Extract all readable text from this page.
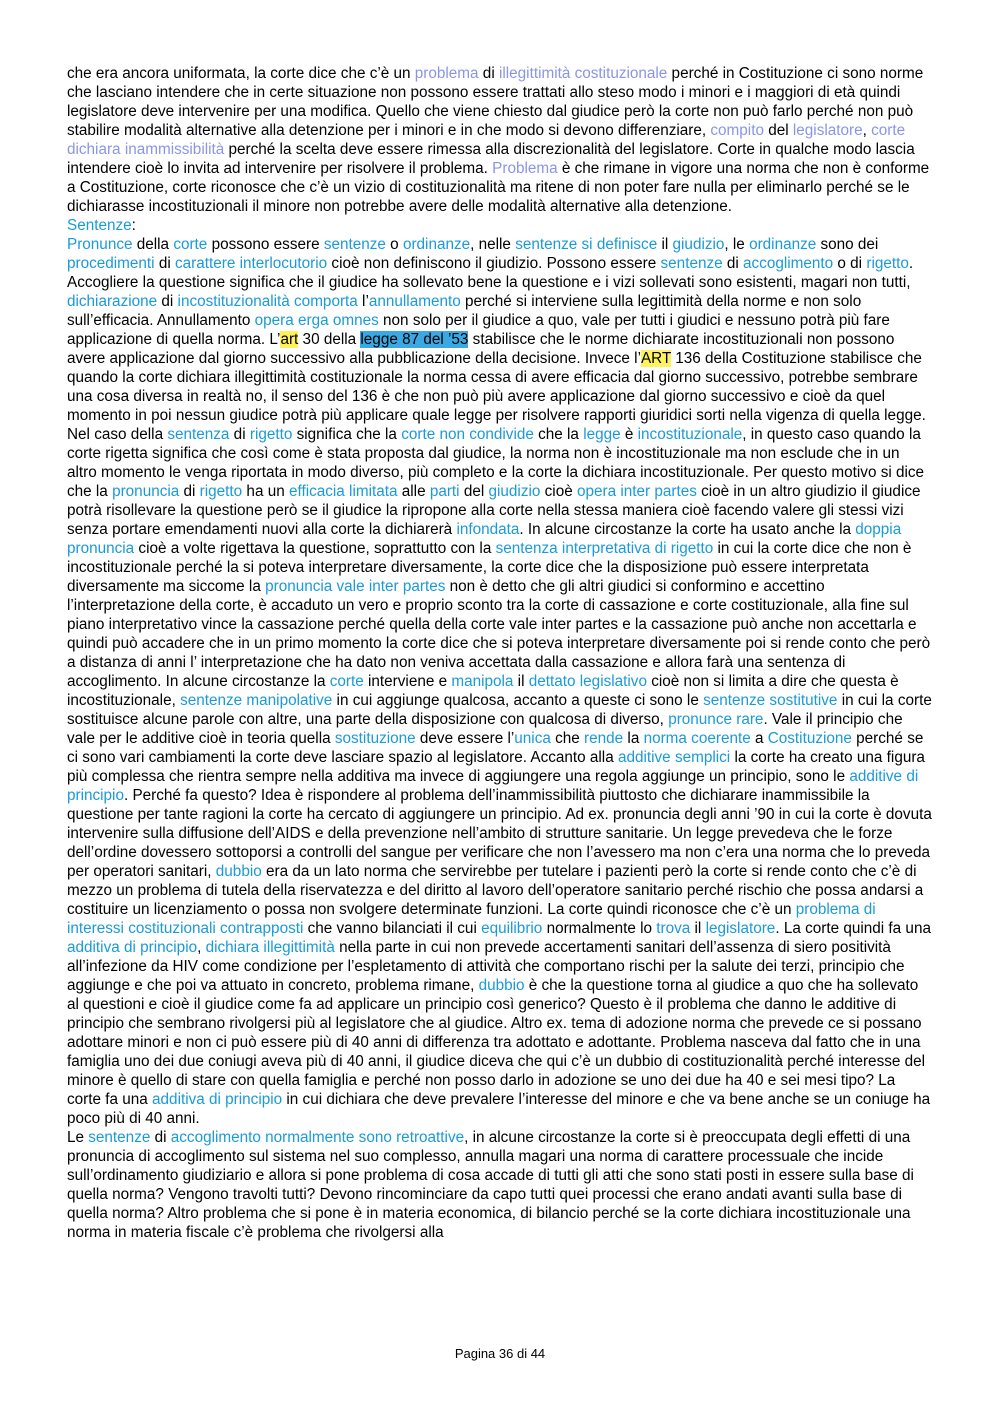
che era ancora uniformata, la corte dice che c’è un problema di illegittimità costituzionale perché in Costituzione ci sono norme che lasciano intendere che in certe situazione non possono essere trattati allo steso modo i minori e i maggiori di età quindi legislatore deve intervenire per una modifica. Quello che viene chiesto dal giudice però la corte non può farlo perché non può stabilire modalità alternative alla detenzione per i minori e in che modo si devono differenziare, compito del legislatore, corte dichiara inammissibilità perché la scelta deve essere rimessa alla discrezionalità del legislatore. Corte in qualche modo lascia intendere cioè lo invita ad intervenire per risolvere il problema. Problema è che rimane in vigore una norma che non è conforme a Costituzione, corte riconosce che c’è un vizio di costituzionalità ma ritene di non poter fare nulla per eliminarlo perché se le dichiarasse incostituzionali il minore non potrebbe avere delle modalità alternative alla detenzione.

Sentenze:

Pronunce della corte possono essere sentenze o ordinanze, nelle sentenze si definisce il giudizio, le ordinanze sono dei procedimenti di carattere interlocutorio cioè non definiscono il giudizio. Possono essere sentenze di accoglimento o di rigetto. Accogliere la questione significa che il giudice ha sollevato bene la questione e i vizi sollevati sono esistenti, magari non tutti, dichiarazione di incostituzionalità comporta l’annullamento perché si interviene sulla legittimità della norme e non solo sull’efficacia. Annullamento opera erga omnes non solo per il giudice a quo, vale per tutti i giudici e nessuno potrà più fare applicazione di quella norma. L’art 30 della legge 87 del ’53 stabilisce che le norme dichiarate incostituzionali non possono avere applicazione dal giorno successivo alla pubblicazione della decisione. Invece l’ART 136 della Costituzione stabilisce che quando la corte dichiara illegittimità costituzionale la norma cessa di avere efficacia dal giorno successivo, potrebbe sembrare una cosa diversa in realtà no, il senso del 136 è che non può più avere applicazione dal giorno successivo e cioè da quel momento in poi nessun giudice potrà più applicare quale legge per risolvere rapporti giuridici sorti nella vigenza di quella legge.

Nel caso della sentenza di rigetto significa che la corte non condivide che la legge è incostituzionale, in questo caso quando la corte rigetta significa che così come è stata proposta dal giudice, la norma non è incostituzionale ma non esclude che in un altro momento le venga riportata in modo diverso, più completo e la corte la dichiara incostituzionale. Per questo motivo si dice che la pronuncia di rigetto ha un efficacia limitata alle parti del giudizio cioè opera inter partes cioè in un altro giudizio il giudice potrà risollevare la questione però se il giudice la ripropone alla corte nella stessa maniera cioè facendo valere gli stessi vizi senza portare emendamenti nuovi alla corte la dichiarerà infondata. In alcune circostanze la corte ha usato anche la doppia pronuncia cioè a volte rigettava la questione, soprattutto con la sentenza interpretativa di rigetto in cui la corte dice che non è incostituzionale perché la si poteva interpretare diversamente, la corte dice che la disposizione può essere interpretata diversamente ma siccome la pronuncia vale inter partes non è detto che gli altri giudici si conformino e accettino l’interpretazione della corte, è accaduto un vero e proprio sconto tra la corte di cassazione e corte costituzionale, alla fine sul piano interpretativo vince la cassazione perché quella della corte vale inter partes e la cassazione può anche non accettarla e quindi può accadere che in un primo momento la corte dice che si poteva interpretare diversamente poi si rende conto che però a distanza di anni l’ interpretazione che ha dato non veniva accettata dalla cassazione e allora farà una sentenza di accoglimento. In alcune circostanze la corte interviene e manipola il dettato legislativo cioè non si limita a dire che questa è incostituzionale, sentenze manipolative in cui aggiunge qualcosa, accanto a queste ci sono le sentenze sostitutive in cui la corte sostituisce alcune parole con altre, una parte della disposizione con qualcosa di diverso, pronunce rare. Vale il principio che vale per le additive cioè in teoria quella sostituzione deve essere l’unica che rende la norma coerente a Costituzione perché se ci sono vari cambiamenti la corte deve lasciare spazio al legislatore. Accanto alla additive semplici la corte ha creato una figura più complessa che rientra sempre nella additiva ma invece di aggiungere una regola aggiunge un principio, sono le additive di principio. Perché fa questo? Idea è rispondere al problema dell’inammissibilità piuttosto che dichiarare inammissibile la questione per tante ragioni la corte ha cercato di aggiungere un principio. Ad ex. pronuncia degli anni ’90 in cui la corte è dovuta intervenire sulla diffusione dell’AIDS e della prevenzione nell’ambito di strutture sanitarie. Un legge prevedeva che le forze dell’ordine dovessero sottoporsi a controlli del sangue per verificare che non l’avessero ma non c’era una norma che lo preveda per operatori sanitari, dubbio era da un lato norma che servirebbe per tutelare i pazienti però la corte si rende conto che c’è di mezzo un problema di tutela della riservatezza e del diritto al lavoro dell’operatore sanitario perché rischio che possa andarsi a costituire un licenziamento o possa non svolgere determinate funzioni. La corte quindi riconosce che c’è un problema di interessi costituzionali contrapposti che vanno bilanciati il cui equilibrio normalmente lo trova il legislatore. La corte quindi fa una additiva di principio, dichiara illegittimità nella parte in cui non prevede accertamenti sanitari dell’assenza di siero positività all’infezione da HIV come condizione per l’espletamento di attività che comportano rischi per la salute dei terzi, principio che aggiunge e che poi va attuato in concreto, problema rimane, dubbio è che la questione torna al giudice a quo che ha sollevato al questioni e cioè il giudice come fa ad applicare un principio così generico? Questo è il problema che danno le additive di principio che sembrano rivolgersi più al legislatore che al giudice. Altro ex. tema di adozione norma che prevede ce si possano adottare minori e non ci può essere più di 40 anni di differenza tra adottato e adottante. Problema nasceva dal fatto che in una famiglia uno dei due coniugi aveva più di 40 anni, il giudice diceva che qui c’è un dubbio di costituzionalità perché interesse del minore è quello di stare con quella famiglia e perché non posso darlo in adozione se uno dei due ha 40 e sei mesi tipo? La corte fa una additiva di principio in cui dichiara che deve prevalere l’interesse del minore e che va bene anche se un coniuge ha poco più di 40 anni.

Le sentenze di accoglimento normalmente sono retroattive, in alcune circostanze la corte si è preoccupata degli effetti di una pronuncia di accoglimento sul sistema nel suo complesso, annulla magari una norma di carattere processuale che incide sull’ordinamento giudiziario e allora si pone problema di cosa accade di tutti gli atti che sono stati posti in essere sulla base di quella norma? Vengono travolti tutti? Devono rincominciare da capo tutti quei processi che erano andati avanti sulla base di quella norma? Altro problema che si pone è in materia economica, di bilancio perché se la corte dichiara incostituzionale una norma in materia fiscale c’è problema che rivolgersi alla

Pagina 36 di 44
